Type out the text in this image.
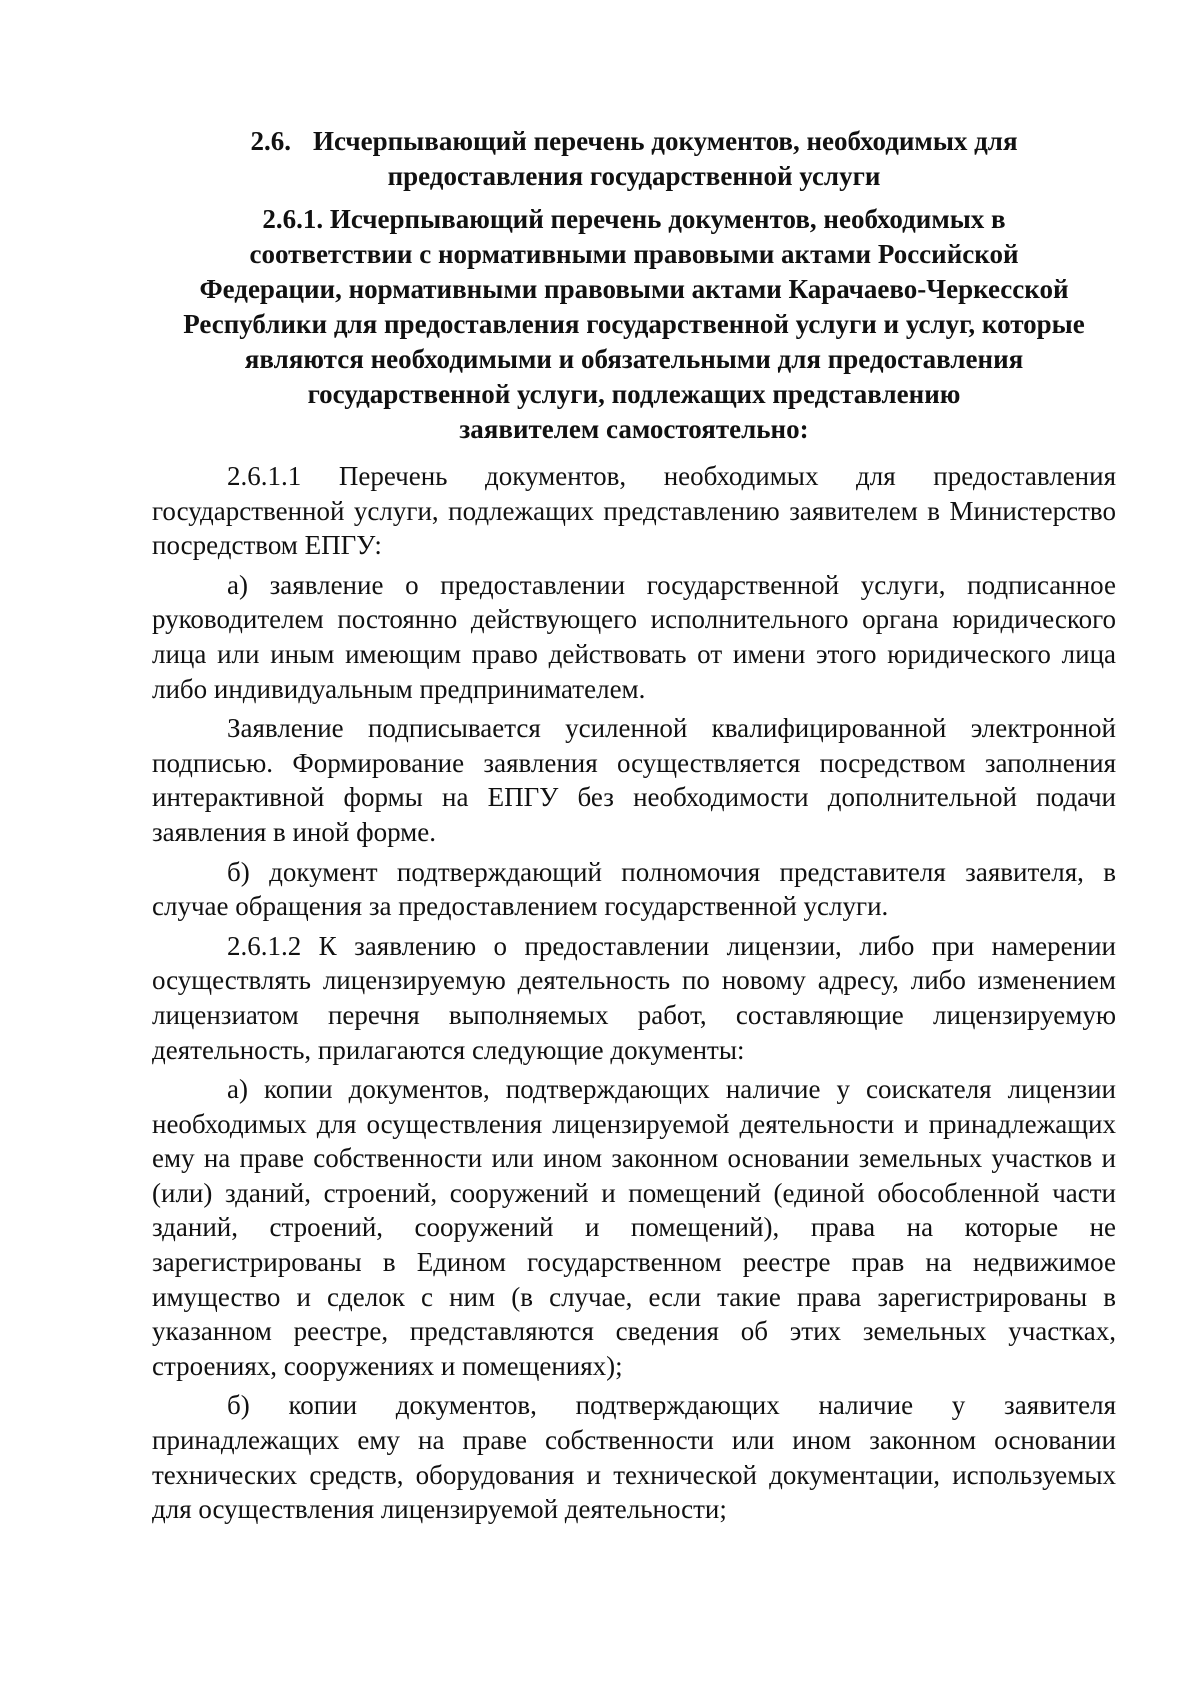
2.6. Исчерпывающий перечень документов, необходимых для
предоставления государственной услуги
2.6.1. Исчерпывающий перечень документов, необходимых в
соответствии с нормативными правовыми актами Российской
Федерации, нормативными правовыми актами Карачаево-Черкесской
Республики для предоставления государственной услуги и услуг, которые
являются необходимыми и обязательными для предоставления
государственной услуги, подлежащих представлению
заявителем самостоятельно:

2.6.1.1 Перечень документов, необходимых для предоставления государственной услуги, подлежащих представлению заявителем в Министерство посредством ЕПГУ:

а) заявление о предоставлении государственной услуги, подписанное руководителем постоянно действующего исполнительного органа юридического лица или иным имеющим право действовать от имени этого юридического лица либо индивидуальным предпринимателем.

Заявление подписывается усиленной квалифицированной электронной подписью. Формирование заявления осуществляется посредством заполнения интерактивной формы на ЕПГУ без необходимости дополнительной подачи заявления в иной форме.

б) документ подтверждающий полномочия представителя заявителя, в случае обращения за предоставлением государственной услуги.

2.6.1.2 К заявлению о предоставлении лицензии, либо при намерении осуществлять лицензируемую деятельность по новому адресу, либо изменением лицензиатом перечня выполняемых работ, составляющие лицензируемую деятельность, прилагаются следующие документы:

а) копии документов, подтверждающих наличие у соискателя лицензии необходимых для осуществления лицензируемой деятельности и принадлежащих ему на праве собственности или ином законном основании земельных участков и (или) зданий, строений, сооружений и помещений (единой обособленной части зданий, строений, сооружений и помещений), права на которые не зарегистрированы в Едином государственном реестре прав на недвижимое имущество и сделок с ним (в случае, если такие права зарегистрированы в указанном реестре, представляются сведения об этих земельных участках, строениях, сооружениях и помещениях);

б) копии документов, подтверждающих наличие у заявителя принадлежащих ему на праве собственности или ином законном основании технических средств, оборудования и технической документации, используемых для осуществления лицензируемой деятельности;
